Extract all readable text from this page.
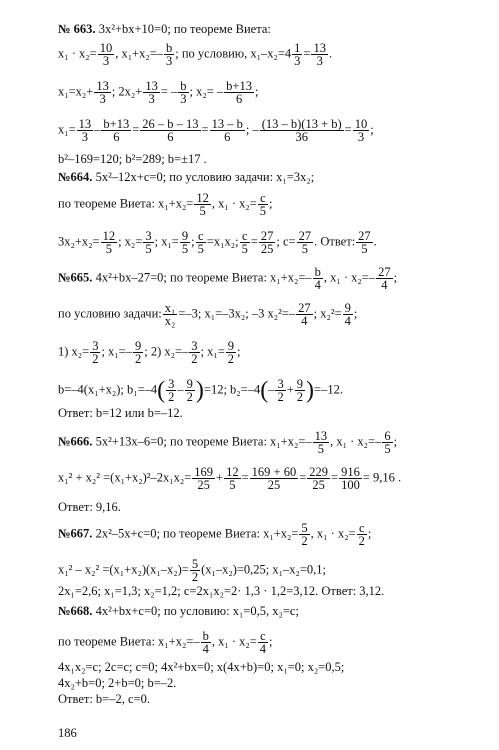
№ 663. 3x²+bx+10=0; по теореме Виета:
$x_1 \cdot x_2= \frac{10}{3}$ , $x_1+x_2=- \frac{b}{3}$ ; по условию, $x_1-x_2=4 \frac{1}{3} = \frac{13}{3}$ .
$x_1=x_2+ \frac{13}{3}$ ; $2x_2+ \frac{13}{3}$ = – $\frac{b}{3}$ ; $x_2= - \frac{b+13}{6}$ ;
$x_1= \frac{13}{3} - \frac{b+13}{6} = \frac{26 - b - 13}{6} = \frac{13 - b}{6}$ ; – $\frac{(13 - b)(13 + b)}{36} = \frac{10}{3}$ ;
b²–169=120; b²=289; b=±17 .
№664. 5x²–12x+c=0; по условию задачи: x₁=3x₂;
по теореме Виета: $x_1+x_2= \frac{12}{5}$ , $x_1 \cdot x_2= \frac{c}{5}$ ;
$3x_2+x_2= \frac{12}{5}$ ; $x_2= \frac{3}{5}$ ; $x_1= \frac{9}{5}$ ; $\frac{c}{5} =x_1x_2$; $\frac{c}{5} = \frac{27}{25}$ ; $c= \frac{27}{5}$ . Ответ: $\frac{27}{5}$ .
№665. 4x²+bx–27=0; по теореме Виета: $x_1+x_2=- \frac{b}{4}$ , $x_1 \cdot x_2=- \frac{27}{4}$ ;
по условию задачи: $\frac{\text{x₁}}{\text{x₂}} =-3$; x₁=–3x₂; –3 $x_2^2=- \frac{27}{4}$ ; $x_2^2= \frac{9}{4}$ ;
1) $x_2= \frac{3}{2}$ ; $x_1=- \frac{9}{2}$ ; 2) $x_2=- \frac{3}{2}$ ; $x_1= \frac{9}{2}$ ;
b=–4(x₁+x₂); $b_1=-4( \frac{3}{2} - \frac{9}{2} )=12$; $b_2=-4(- \frac{3}{2} + \frac{9}{2} )=-12$.
Ответ: b=12 или b=–12.
№666. 5x²+13x–6=0; по теореме Виета: $x_1+x_2=- \frac{13}{5}$ , $x_1 \cdot x_2=- \frac{6}{5}$ ;
$x_1^2 + x_2^2 =(x_1+x_2)^2-2x_1x_2= \frac{169}{25} + \frac{12}{5} = \frac{169 + 60}{25} = \frac{229}{25} = \frac{916}{100} = 9,16$ .
Ответ: 9,16.
№667. 2x²–5x+c=0; по теореме Виета: $x_1+x_2= \frac{5}{2}$ , $x_1 \cdot x_2= \frac{c}{2}$ ;
$x_1^2 - x_2^2 =(x_1+x_2)(x_1-x_2)= \frac{5}{2} (x_1-x_2)=0,25$; x₁–x₂=0,1;
2x₁=2,6; x₁=1,3; x₂=1,2; c=2x₁x₂=2· 1,3 · 1,2=3,12. Ответ: 3,12.
№668. 4x²+bx+c=0; по условию: x₁=0,5, x₂=c;
по теореме Виета: $x_1+x_2=- \frac{b}{4}$ , $x_1 \cdot x_2= \frac{c}{4}$ ;
4x₁x₂=c; 2c=c; c=0; 4x²+bx=0; x(4x+b)=0; x₁=0; x₂=0,5;
4x₂+b=0; 2+b=0; b=–2.
Ответ: b=–2, c=0.
186
